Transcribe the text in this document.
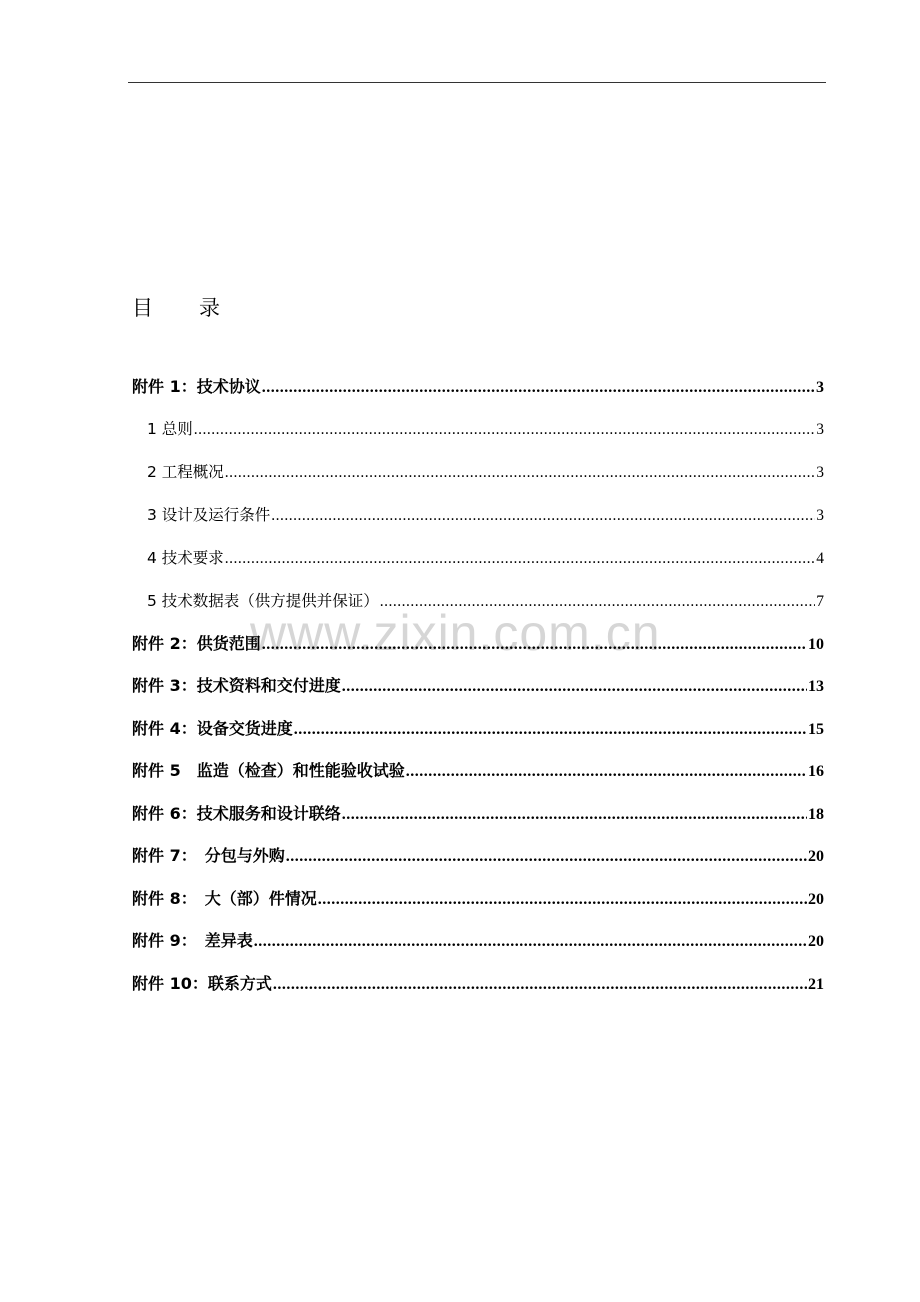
目 录
www.zixin.com.cn
附件 1：技术协议 .....	3
1 总则 .....	3
2 工程概况 .....	3
3 设计及运行条件 .....	3
4 技术要求 .....	4
5 技术数据表（供方提供并保证） .....	7
附件 2：供货范围 .....	10
附件 3：技术资料和交付进度 .....	13
附件 4：设备交货进度 .....	15
附件 5　监造（检查）和性能验收试验 .....	16
附件 6：技术服务和设计联络 .....	18
附件 7：　分包与外购 .....	20
附件 8：　大（部）件情况 .....	20
附件 9：　差异表 .....	20
附件 10：联系方式 .....	21
